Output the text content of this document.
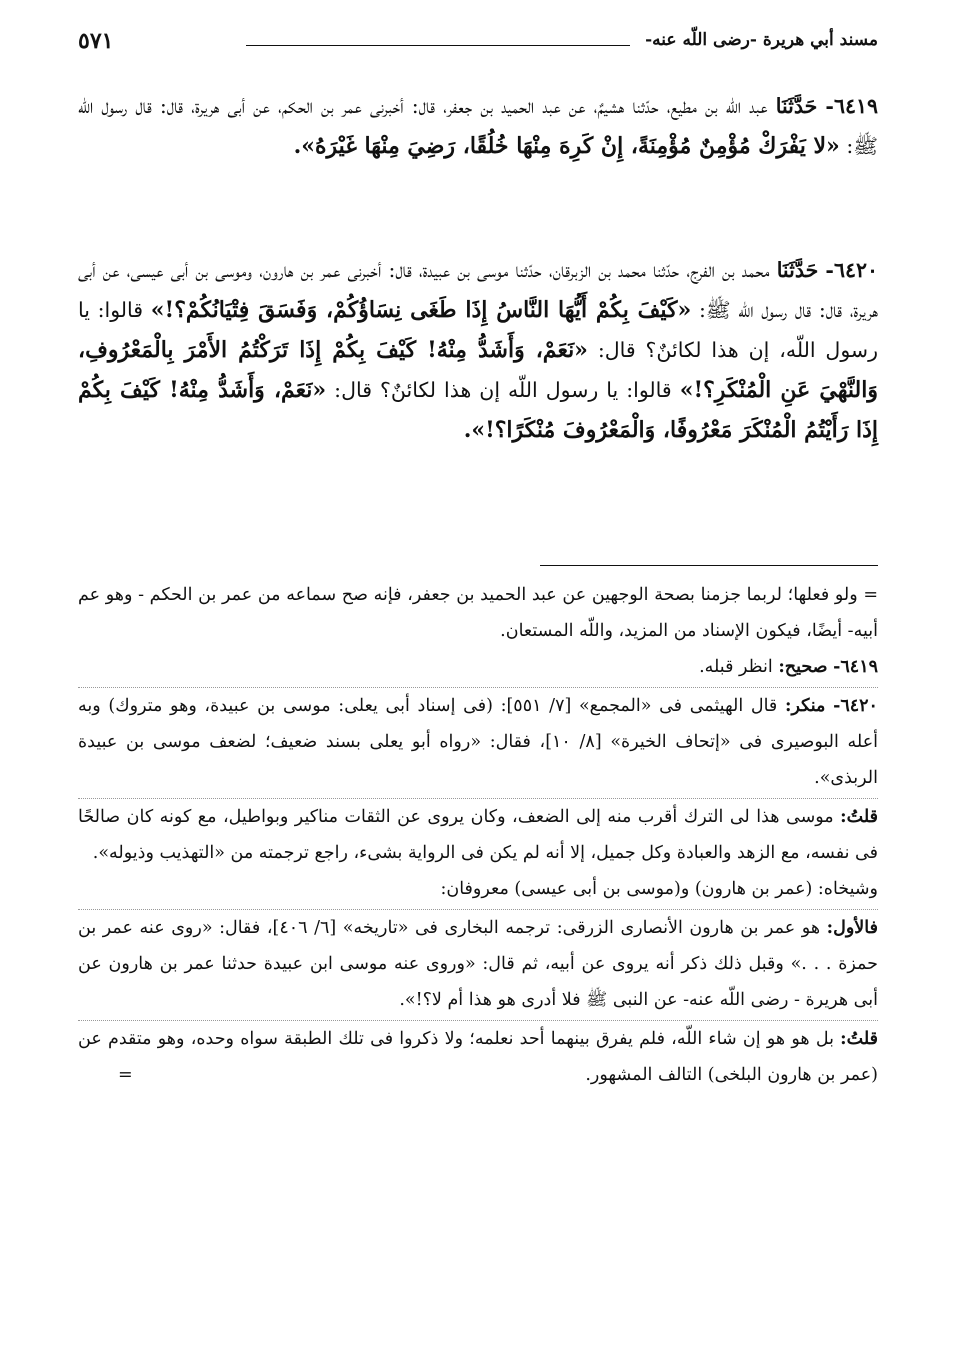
٥٧١	مسند أبي هريرة -رضى اللّه عنه-
٦٤١٩- حَدَّثَنَا عبد اللّه بن مطيع، حدّثنا هشيمٌ، عن عبد الحميد بن جعفر، قال: أخبرنى عمر بن الحكم، عن أبى هريرة، قال: قال رسول اللّه ﷺ: «لا يَفْرَكْ مُؤْمِنٌ مُؤْمِنَةً، إِنْ كَرِهَ مِنْهَا خُلُقًا، رَضِيَ مِنْهَا غَيْرَهُ».
٦٤٢٠- حَدَّثَنَا محمد بن الفرج، حدّثنا محمد بن الزبرقان، حدّثنا موسى بن عبيدة، قال: أخبرنى عمر بن هارون، وموسى بن أبى عيسى، عن أبى هريرة، قال: قال رسول اللّه ﷺ: «كَيْفَ بِكُمْ أَيُّهَا النَّاسُ إِذَا طَغَى نِسَاؤُكُمْ، وَفَسَقَ فِتْيَانُكُمْ؟!» قالوا: يا رسول اللّه، إن هذا لكائنٌ؟ قال: «نَعَمْ، وَأَشَدُّ مِنْهُ! كَيْفَ بِكُمْ إِذَا تَرَكْتُمُ الأَمْرَ بِالْمَعْرُوفِ، وَالنَّهْيَ عَنِ الْمُنْكَرِ؟!» قالوا: يا رسول اللّه إن هذا لكائنٌ؟ قال: «نَعَمْ، وَأَشَدُّ مِنْهُ! كَيْفَ بِكُمْ إِذَا رَأَيْتُمُ الْمُنْكَرَ مَعْرُوفًا، وَالْمَعْرُوفَ مُنْكَرًا؟!».
= ولو فعلها؛ لربما جزمنا بصحة الوجهين عن عبد الحميد بن جعفر، فإنه صح سماعه من عمر بن الحكم - وهو عم أبيه- أيضًا، فيكون الإسناد من المزيد، واللّه المستعان.
٦٤١٩- صحيح: انظر قبله.
٦٤٢٠- منكر: قال الهيثمى فى «المجمع» [٧/ ٥٥١]: (فى إسناد أبى يعلى: موسى بن عبيدة، وهو متروك) وبه أعله البوصيرى فى «إتحاف الخيرة» [٨/ ١٠]، فقال: «رواه أبو يعلى بسند ضعيف؛ لضعف موسى بن عبيدة الربذى».
قلتُ: موسى هذا لى الترك أقرب منه إلى الضعف، وكان يروى عن الثقات مناكير وبواطيل، مع كونه كان صالحًا فى نفسه، مع الزهد والعبادة وكل جميل، إلا أنه لم يكن فى الرواية بشىء، راجع ترجمته من «التهذيب وذيوله».
وشيخاه: (عمر بن هارون) و(موسى بن أبى عيسى) معروفان:
فالأول: هو عمر بن هارون الأنصارى الزرقى: ترجمه البخارى فى «تاريخه» [٦/ ٤٠٦]، فقال: «روى عنه عمر بن حمزة . . .» وقبل ذلك ذكر أنه يروى عن أبيه، ثم قال: «وروى عنه موسى ابن عبيدة حدثنا عمر بن هارون عن أبى هريرة - رضى اللّه عنه- عن النبى ﷺ فلا أدرى هو هذا أم لا؟!».
قلتُ: بل هو هو إن شاء اللّه، فلم يفرق بينهما أحد نعلمه؛ ولا ذكروا فى تلك الطبقة سواه وحده، وهو متقدم عن (عمر بن هارون البلخى) التالف المشهور.
=
